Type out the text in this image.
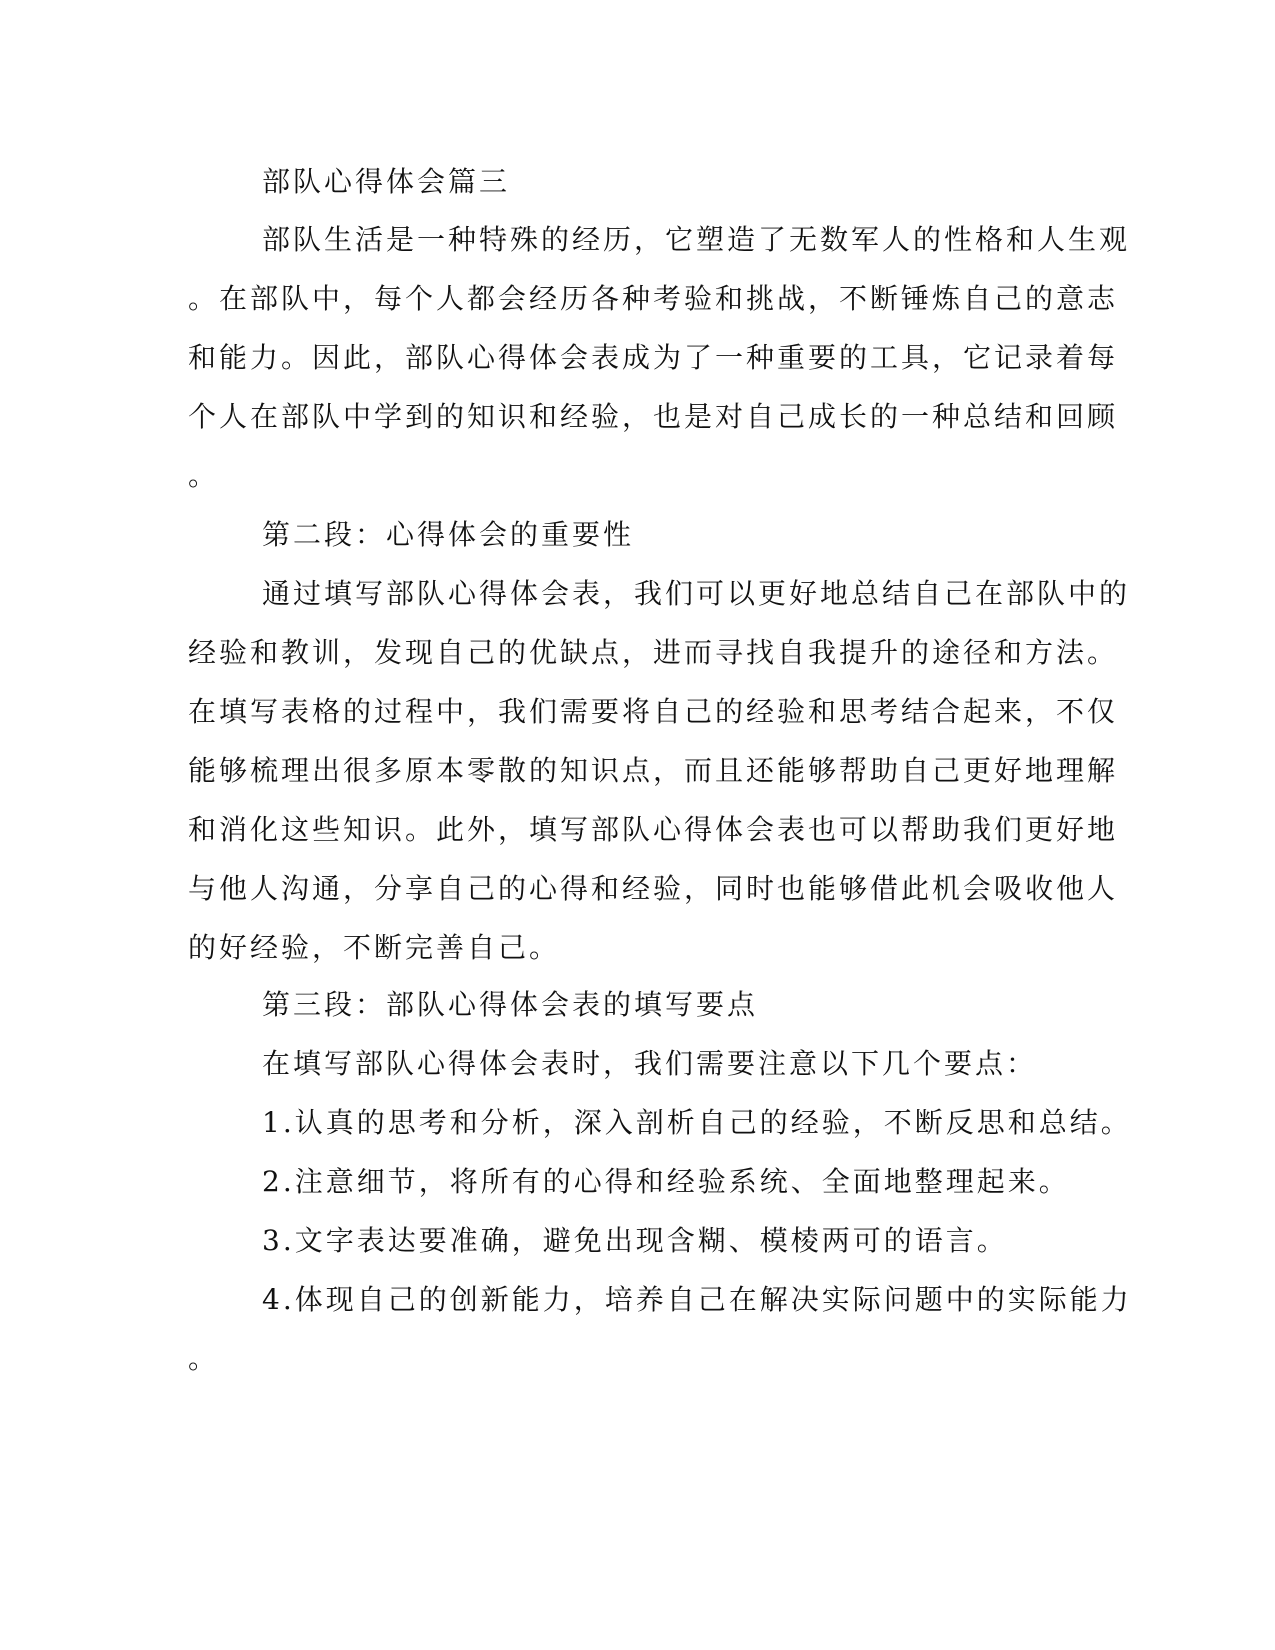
部队心得体会篇三

部队生活是一种特殊的经历，它塑造了无数军人的性格和人生观

。在部队中，每个人都会经历各种考验和挑战，不断锤炼自己的意志

和能力。因此，部队心得体会表成为了一种重要的工具，它记录着每

个人在部队中学到的知识和经验，也是对自己成长的一种总结和回顾

。

第二段：心得体会的重要性

通过填写部队心得体会表，我们可以更好地总结自己在部队中的

经验和教训，发现自己的优缺点，进而寻找自我提升的途径和方法。

在填写表格的过程中，我们需要将自己的经验和思考结合起来，不仅

能够梳理出很多原本零散的知识点，而且还能够帮助自己更好地理解

和消化这些知识。此外，填写部队心得体会表也可以帮助我们更好地

与他人沟通，分享自己的心得和经验，同时也能够借此机会吸收他人

的好经验，不断完善自己。

第三段：部队心得体会表的填写要点

在填写部队心得体会表时，我们需要注意以下几个要点：

1.认真的思考和分析，深入剖析自己的经验，不断反思和总结。

2.注意细节，将所有的心得和经验系统、全面地整理起来。

3.文字表达要准确，避免出现含糊、模棱两可的语言。

4.体现自己的创新能力，培养自己在解决实际问题中的实际能力

。
